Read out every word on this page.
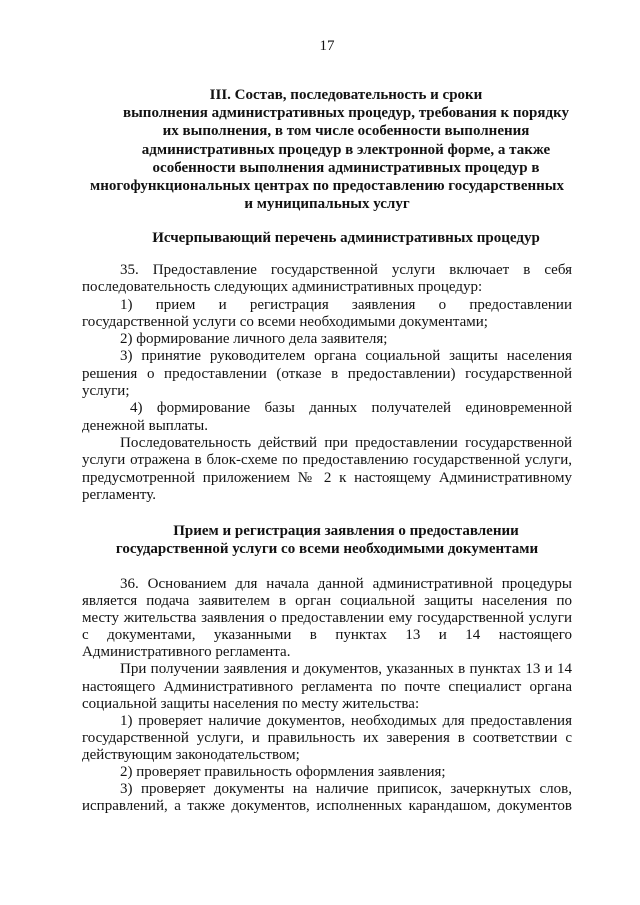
17
III. Состав, последовательность и сроки
выполнения административных процедур, требования к порядку
их выполнения, в том числе особенности выполнения
административных процедур в электронной форме, а также
особенности выполнения административных процедур в
многофункциональных центрах по предоставлению государственных
и муниципальных услуг
Исчерпывающий перечень административных процедур
35. Предоставление государственной услуги включает в себя
последовательность следующих административных процедур:
1) прием и регистрация заявления о предоставлении
государственной услуги со всеми необходимыми документами;
2) формирование личного дела заявителя;
3) принятие руководителем органа социальной защиты населения
решения о предоставлении (отказе в предоставлении) государственной
услуги;
4) формирование базы данных получателей единовременной
денежной выплаты.
Последовательность действий при предоставлении государственной
услуги отражена в блок-схеме по предоставлению государственной услуги,
предусмотренной приложением № 2 к настоящему Административному
регламенту.
Прием и регистрация заявления о предоставлении
государственной услуги со всеми необходимыми документами
36. Основанием для начала данной административной процедуры
является подача заявителем в орган социальной защиты населения по
месту жительства заявления о предоставлении ему государственной услуги
с документами, указанными в пунктах 13 и 14 настоящего
Административного регламента.
При получении заявления и документов, указанных в пунктах 13 и 14
настоящего Административного регламента по почте специалист органа
социальной защиты населения по месту жительства:
1) проверяет наличие документов, необходимых для предоставления
государственной услуги, и правильность их заверения в соответствии с
действующим законодательством;
2) проверяет правильность оформления заявления;
3) проверяет документы на наличие приписок, зачеркнутых слов,
исправлений, а также документов, исполненных карандашом, документов
